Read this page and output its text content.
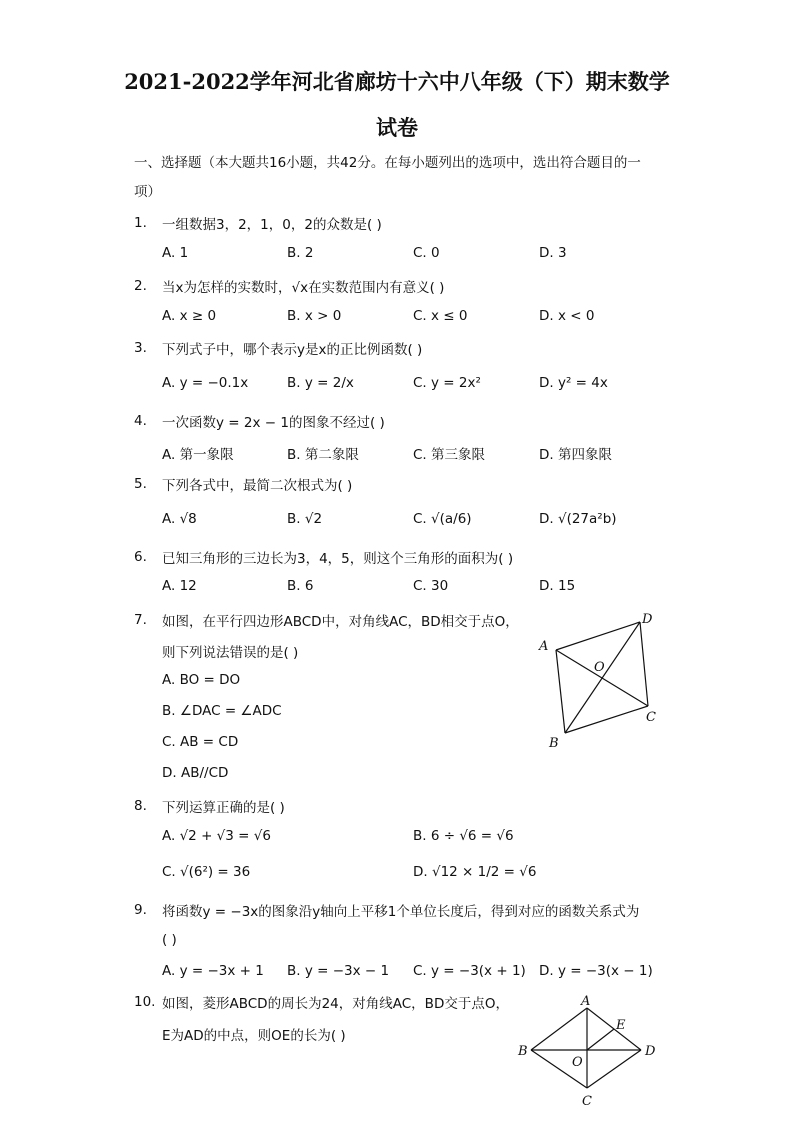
2021-2022学年河北省廊坊十六中八年级（下）期末数学
试卷
一、选择题（本大题共16小题，共42分。在每小题列出的选项中，选出符合题目的一
项）
1. 一组数据3，2，1，0，2的众数是( )
A. 1	B. 2	C. 0	D. 3
2. 当x为怎样的实数时，√x在实数范围内有意义( )
A. x ≥ 0	B. x > 0	C. x ≤ 0	D. x < 0
3. 下列式子中，哪个表示y是x的正比例函数( )
A. y = −0.1x	B. y = 2/x	C. y = 2x²	D. y² = 4x
4. 一次函数y = 2x − 1的图象不经过( )
A. 第一象限	B. 第二象限	C. 第三象限	D. 第四象限
5. 下列各式中，最简二次根式为( )
A. √8	B. √2	C. √(a/6)	D. √(27a²b)
6. 已知三角形的三边长为3，4，5，则这个三角形的面积为( )
A. 12	B. 6	C. 30	D. 15
7. 如图，在平行四边形ABCD中，对角线AC，BD相交于点O，
则下列说法错误的是( )
A. BO = DO
B. ∠DAC = ∠ADC
C. AB = CD
D. AB//CD
A
B
C
D
O
8. 下列运算正确的是( )
A. √2 + √3 = √6	B. 6 ÷ √6 = √6
C. √(6²) = 36	D. √12 × 1/2 = √6
9. 将函数y = −3x的图象沿y轴向上平移1个单位长度后，得到对应的函数关系式为
( )
A. y = −3x + 1 B. y = −3x − 1 C. y = −3(x + 1) D. y = −3(x − 1)
10. 如图，菱形ABCD的周长为24，对角线AC，BD交于点O，
E为AD的中点，则OE的长为( )
A
B
C
D
O
E
